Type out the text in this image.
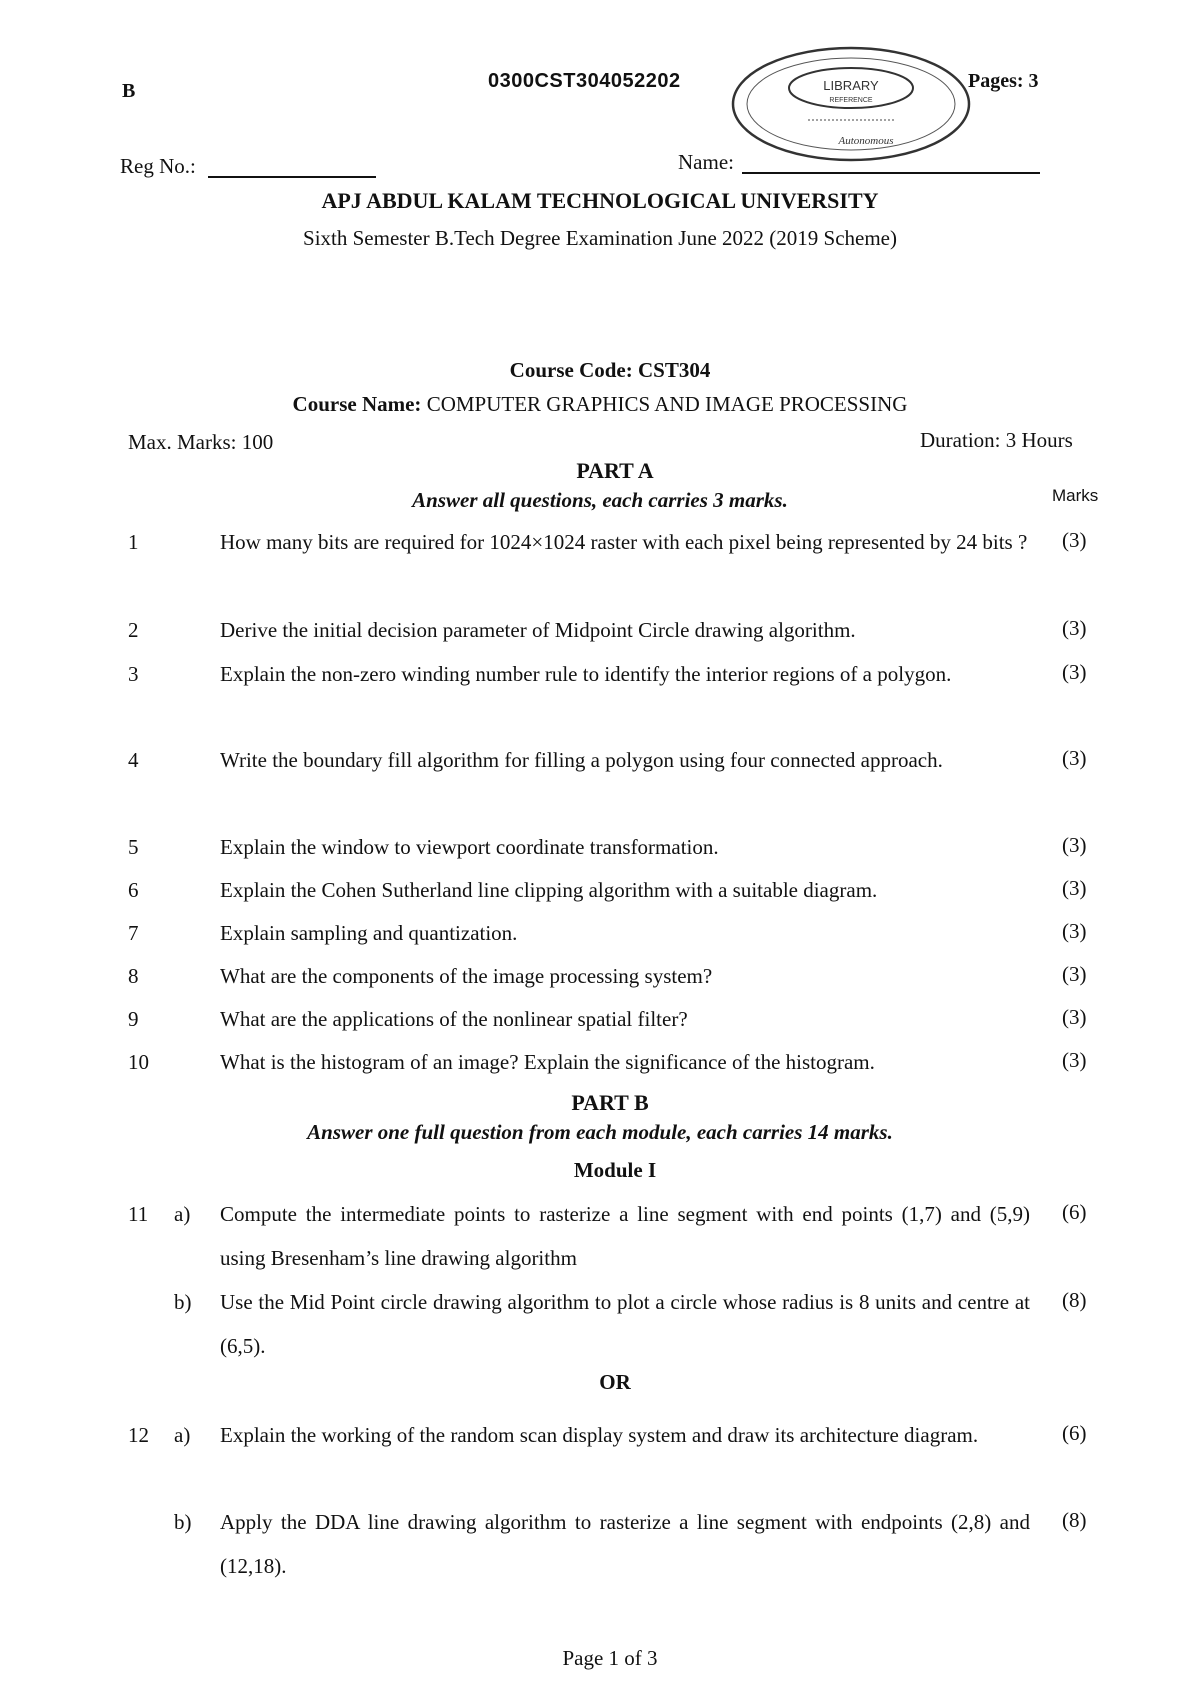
B	0300CST304052202	Pages: 3
LIBRARY
REFERENCE
Autonomous
Reg No.:	Name:
APJ ABDUL KALAM TECHNOLOGICAL UNIVERSITY
Sixth Semester B.Tech Degree Examination June 2022 (2019 Scheme)
Course Code: CST304
Course Name: COMPUTER GRAPHICS AND IMAGE PROCESSING
Max. Marks: 100	Duration: 3 Hours
PART A
Answer all questions, each carries 3 marks.	Marks
1	How many bits are required for 1024×1024 raster with each pixel being represented by 24 bits ? (3)
2	Derive the initial decision parameter of Midpoint Circle drawing algorithm.	(3)
3	Explain the non-zero winding number rule to identify the interior regions of a polygon.	(3)
4	Write the boundary fill algorithm for filling a polygon using four connected approach.	(3)
5	Explain the window to viewport coordinate transformation.	(3)
6	Explain the Cohen Sutherland line clipping algorithm with a suitable diagram.	(3)
7	Explain sampling and quantization.	(3)
8	What are the components of the image processing system?	(3)
9	What are the applications of the nonlinear spatial filter?	(3)
10	What is the histogram of an image? Explain the significance of the histogram.	(3)
PART B
Answer one full question from each module, each carries 14 marks.
Module I
11 a) Compute the intermediate points to rasterize a line segment with end points (1,7) and (5,9) using Bresenham’s line drawing algorithm
(6)
b) Use the Mid Point circle drawing algorithm to plot a circle whose radius is 8 units and centre at (6,5).
(8)
OR
12 a) Explain the working of the random scan display system and draw its architecture diagram.	(6)
b) Apply the DDA line drawing algorithm to rasterize a line segment with endpoints (2,8) and (12,18).
(8)
Page 1 of 3
